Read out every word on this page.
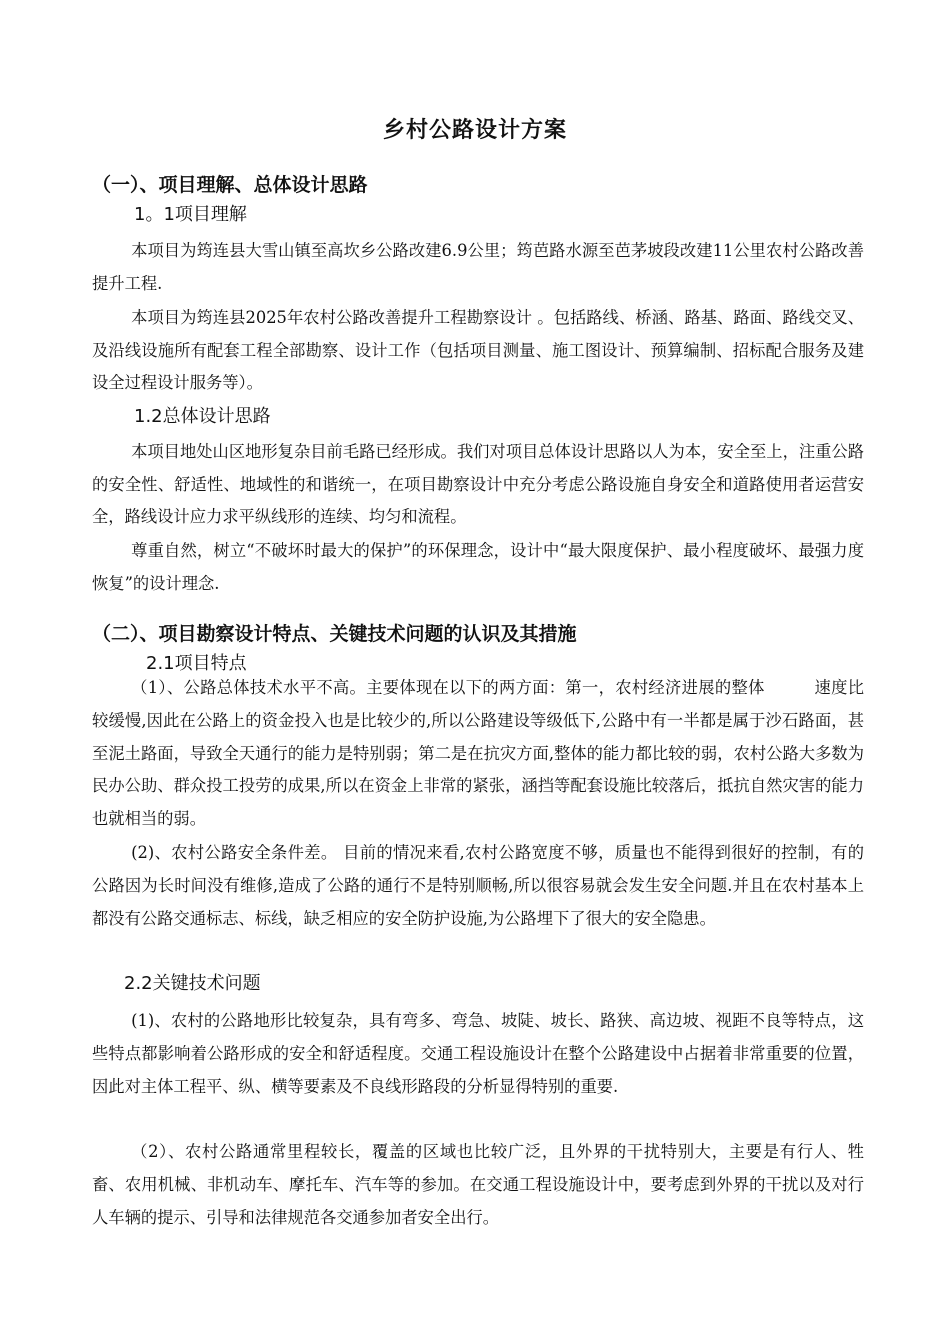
乡村公路设计方案
（一）、项目理解、总体设计思路
1。1项目理解

本项目为筠连县大雪山镇至高坎乡公路改建6.9公里；筠芭路水源至芭茅坡段改建11公里农村公路改善提升工程.

本项目为筠连县2025年农村公路改善提升工程勘察设计 。包括路线、桥涵、路基、路面、路线交叉、及沿线设施所有配套工程全部勘察、设计工作（包括项目测量、施工图设计、预算编制、招标配合服务及建设全过程设计服务等）。

1.2总体设计思路

本项目地处山区地形复杂目前毛路已经形成。我们对项目总体设计思路以人为本，安全至上，注重公路的安全性、舒适性、地域性的和谐统一，在项目勘察设计中充分考虑公路设施自身安全和道路使用者运营安全，路线设计应力求平纵线形的连续、均匀和流程。

尊重自然，树立“不破坏时最大的保护”的环保理念，设计中“最大限度保护、最小程度破坏、最强力度恢复”的设计理念.

（二）、项目勘察设计特点、关键技术问题的认识及其措施
2.1项目特点

（1）、公路总体技术水平不高。主要体现在以下的两方面：第一，农村经济进展的整体　　　速度比较缓慢,因此在公路上的资金投入也是比较少的,所以公路建设等级低下,公路中有一半都是属于沙石路面，甚至泥土路面，导致全天通行的能力是特别弱；第二是在抗灾方面,整体的能力都比较的弱，农村公路大多数为民办公助、群众投工投劳的成果,所以在资金上非常的紧张，涵挡等配套设施比较落后，抵抗自然灾害的能力也就相当的弱。

(2)、农村公路安全条件差。 目前的情况来看,农村公路宽度不够，质量也不能得到很好的控制，有的公路因为长时间没有维修,造成了公路的通行不是特别顺畅,所以很容易就会发生安全问题.并且在农村基本上都没有公路交通标志、标线，缺乏相应的安全防护设施,为公路埋下了很大的安全隐患。

2.2关键技术问题

(1)、农村的公路地形比较复杂，具有弯多、弯急、坡陡、坡长、路狭、高边坡、视距不良等特点，这些特点都影响着公路形成的安全和舒适程度。交通工程设施设计在整个公路建设中占据着非常重要的位置，因此对主体工程平、纵、横等要素及不良线形路段的分析显得特别的重要.

（2）、农村公路通常里程较长，覆盖的区域也比较广泛，且外界的干扰特别大，主要是有行人、牲畜、农用机械、非机动车、摩托车、汽车等的参加。在交通工程设施设计中，要考虑到外界的干扰以及对行人车辆的提示、引导和法律规范各交通参加者安全出行。
